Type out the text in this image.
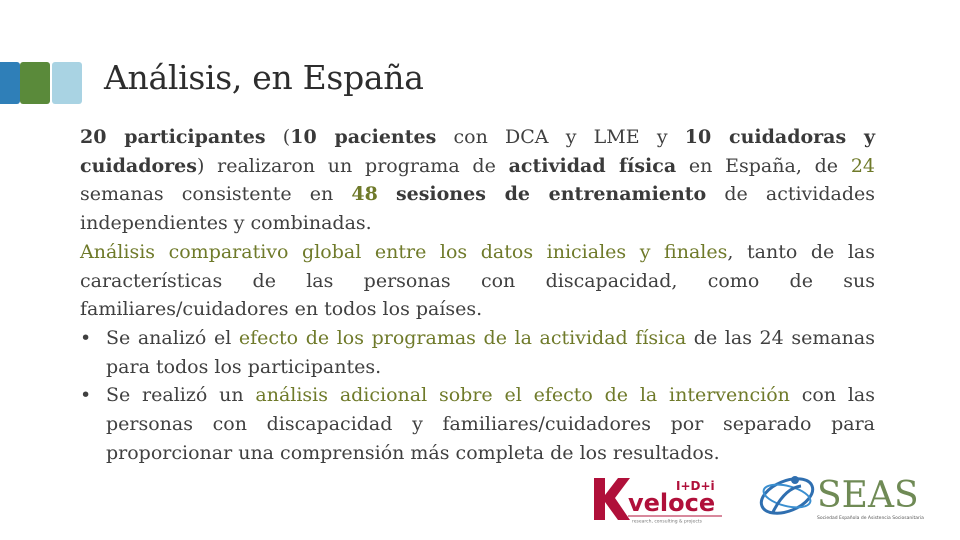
Análisis, en España

20 participantes (10 pacientes con DCA y LME y 10 cuidadoras y cuidadores) realizaron un programa de actividad física en España, de 24 semanas consistente en 48 sesiones de entrenamiento de actividades independientes y combinadas.

Análisis comparativo global entre los datos iniciales y finales, tanto de las características de las personas con discapacidad, como de sus familiares/cuidadores en todos los países.

• Se analizó el efecto de los programas de la actividad física de las 24 semanas para todos los participantes.
• Se realizó un análisis adicional sobre el efecto de la intervención con las personas con discapacidad y familiares/cuidadores por separado para proporcionar una comprensión más completa de los resultados.
I+D+i
veloce
research, consulting & projects
SEAS
Sociedad Española de Asistencia Sociosanitaria
